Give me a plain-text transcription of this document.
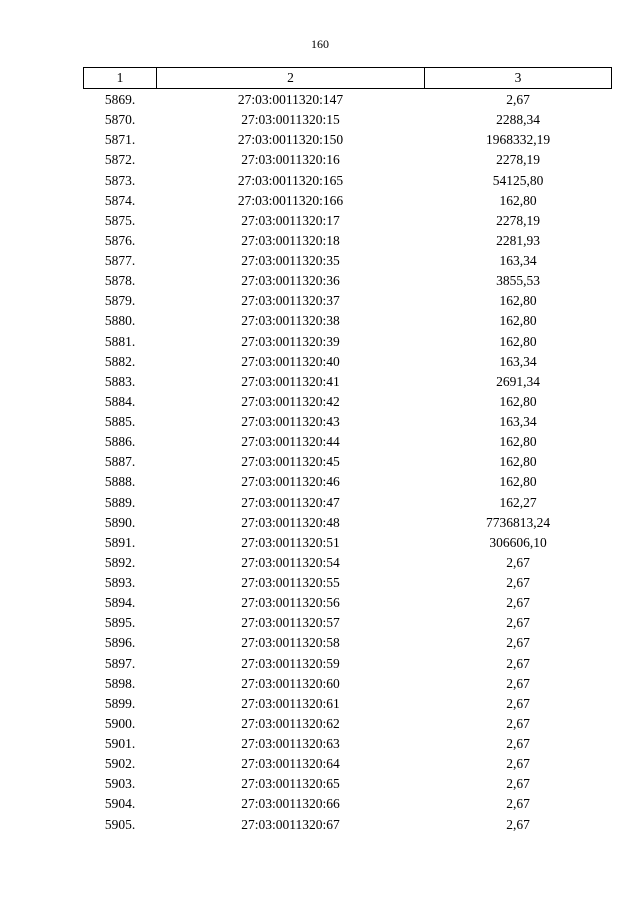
160
1	2	3
5869.	27:03:0011320:147	2,67
5870.	27:03:0011320:15	2288,34
5871.	27:03:0011320:150	1968332,19
5872.	27:03:0011320:16	2278,19
5873.	27:03:0011320:165	54125,80
5874.	27:03:0011320:166	162,80
5875.	27:03:0011320:17	2278,19
5876.	27:03:0011320:18	2281,93
5877.	27:03:0011320:35	163,34
5878.	27:03:0011320:36	3855,53
5879.	27:03:0011320:37	162,80
5880.	27:03:0011320:38	162,80
5881.	27:03:0011320:39	162,80
5882.	27:03:0011320:40	163,34
5883.	27:03:0011320:41	2691,34
5884.	27:03:0011320:42	162,80
5885.	27:03:0011320:43	163,34
5886.	27:03:0011320:44	162,80
5887.	27:03:0011320:45	162,80
5888.	27:03:0011320:46	162,80
5889.	27:03:0011320:47	162,27
5890.	27:03:0011320:48	7736813,24
5891.	27:03:0011320:51	306606,10
5892.	27:03:0011320:54	2,67
5893.	27:03:0011320:55	2,67
5894.	27:03:0011320:56	2,67
5895.	27:03:0011320:57	2,67
5896.	27:03:0011320:58	2,67
5897.	27:03:0011320:59	2,67
5898.	27:03:0011320:60	2,67
5899.	27:03:0011320:61	2,67
5900.	27:03:0011320:62	2,67
5901.	27:03:0011320:63	2,67
5902.	27:03:0011320:64	2,67
5903.	27:03:0011320:65	2,67
5904.	27:03:0011320:66	2,67
5905.	27:03:0011320:67	2,67
